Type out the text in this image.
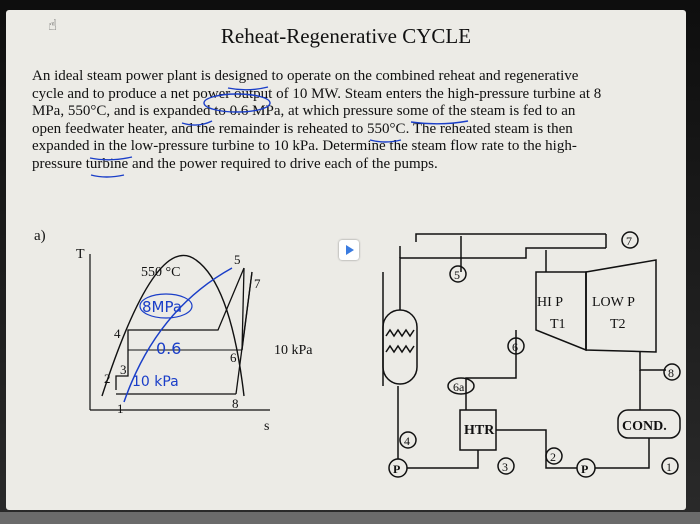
☝	Reheat-Regenerative CYCLE

An ideal steam power plant is designed to operate on the combined reheat and regenerative cycle and to produce a net power output of 10 MW. Steam enters the high-pressure turbine at 8 MPa, 550°C, and is expanded to 0.6 MPa, at which pressure some of the steam is fed to an open feedwater heater, and the remainder is reheated to 550°C. The reheated steam is then expanded in the low-pressure turbine to 10 kPa. Determine the steam flow rate to the high-pressure turbine and the power required to drive each of the pumps.

a)
T
s
550 °C
10 kPa
1
2
3
4
5
6
7
8
8MPa
0.6
10 kPa
HI P LOW P
T1	T2
HTR	COND.
P	P
7
5
6
8
6a
4
3
2
1
